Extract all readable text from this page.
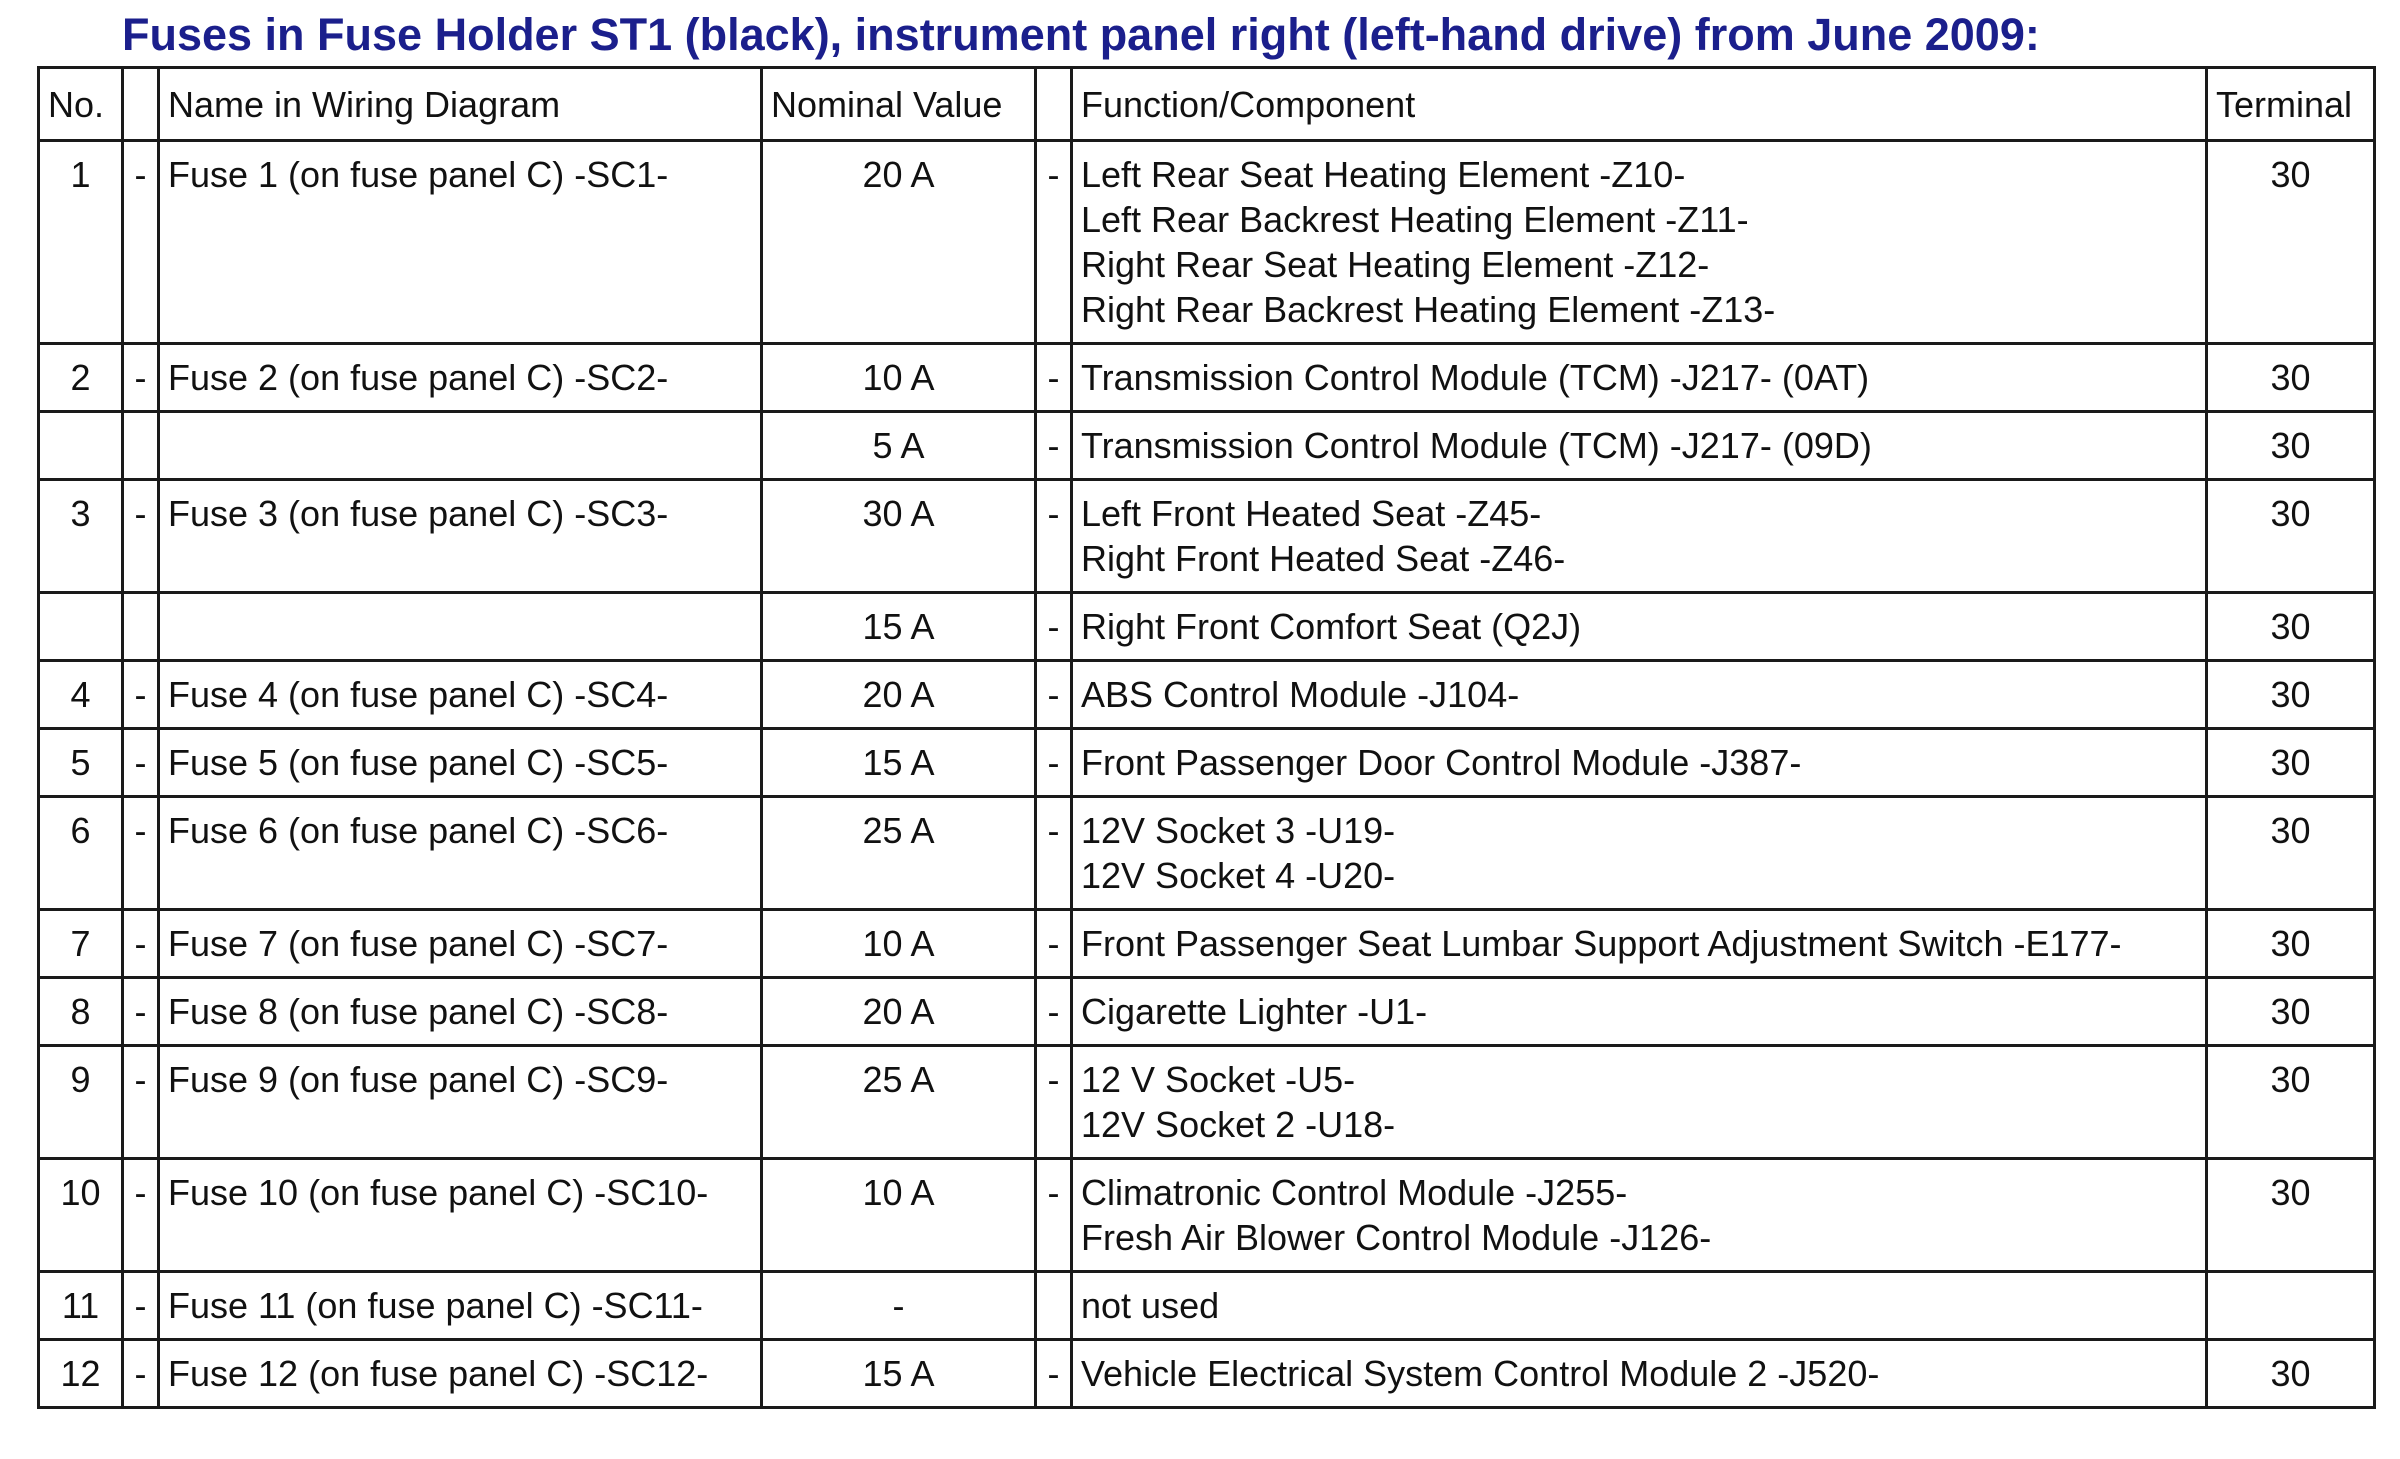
Fuses in Fuse Holder ST1 (black), instrument panel right (left-hand drive) from June 2009:
No.		Name in Wiring Diagram	Nominal Value		Function/Component	Terminal
1	-	Fuse 1 (on fuse panel C) -SC1-	20 A	-	Left Rear Seat Heating Element -Z10-
Left Rear Backrest Heating Element -Z11-
Right Rear Seat Heating Element -Z12-
Right Rear Backrest Heating Element -Z13-	30
2	-	Fuse 2 (on fuse panel C) -SC2-	10 A	-	Transmission Control Module (TCM) -J217- (0AT)	30
			5 A	-	Transmission Control Module (TCM) -J217- (09D)	30
3	-	Fuse 3 (on fuse panel C) -SC3-	30 A	-	Left Front Heated Seat -Z45-
Right Front Heated Seat -Z46-	30
			15 A	-	Right Front Comfort Seat (Q2J)	30
4	-	Fuse 4 (on fuse panel C) -SC4-	20 A	-	ABS Control Module -J104-	30
5	-	Fuse 5 (on fuse panel C) -SC5-	15 A	-	Front Passenger Door Control Module -J387-	30
6	-	Fuse 6 (on fuse panel C) -SC6-	25 A	-	12V Socket 3 -U19-
12V Socket 4 -U20-	30
7	-	Fuse 7 (on fuse panel C) -SC7-	10 A	-	Front Passenger Seat Lumbar Support Adjustment Switch -E177-	30
8	-	Fuse 8 (on fuse panel C) -SC8-	20 A	-	Cigarette Lighter -U1-	30
9	-	Fuse 9 (on fuse panel C) -SC9-	25 A	-	12 V Socket -U5-
12V Socket 2 -U18-	30
10	-	Fuse 10 (on fuse panel C) -SC10-	10 A	-	Climatronic Control Module -J255-
Fresh Air Blower Control Module -J126-	30
11	-	Fuse 11 (on fuse panel C) -SC11-	-		not used	

12	-	Fuse 12 (on fuse panel C) -SC12-	15 A	-	Vehicle Electrical System Control Module 2 -J520-	30
